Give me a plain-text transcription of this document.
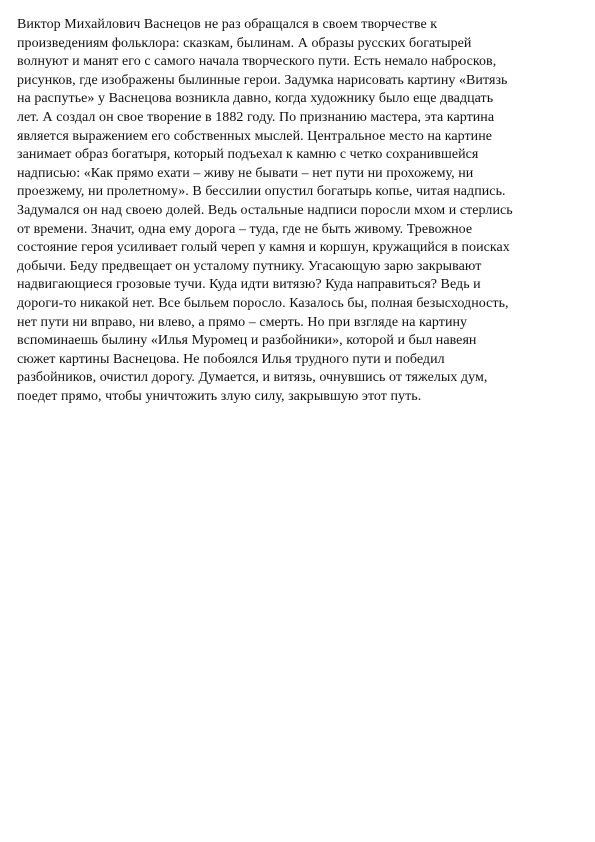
Виктор Михайлович Васнецов не раз обращался в своем творчестве к
произведениям фольклора: сказкам, былинам. А образы русских богатырей
волнуют и манят его с самого начала творческого пути. Есть немало набросков,
рисунков, где изображены былинные герои. Задумка нарисовать картину «Витязь
на распутье» у Васнецова возникла давно, когда художнику было еще двадцать
лет. А создал он свое творение в 1882 году. По признанию мастера, эта картина
является выражением его собственных мыслей. Центральное место на картине
занимает образ богатыря, который подъехал к камню с четко сохранившейся
надписью: «Как прямо ехати – живу не бывати – нет пути ни прохожему, ни
проезжему, ни пролетному». В бессилии опустил богатырь копье, читая надпись.
Задумался он над своею долей. Ведь остальные надписи поросли мхом и стерлись
от времени. Значит, одна ему дорога – туда, где не быть живому. Тревожное
состояние героя усиливает голый череп у камня и коршун, кружащийся в поисках
добычи. Беду предвещает он усталому путнику. Угасающую зарю закрывают
надвигающиеся грозовые тучи. Куда идти витязю? Куда направиться? Ведь и
дороги-то никакой нет. Все быльем поросло. Казалось бы, полная безысходность,
нет пути ни вправо, ни влево, а прямо – смерть. Но при взгляде на картину
вспоминаешь былину «Илья Муромец и разбойники», которой и был навеян
сюжет картины Васнецова. Не побоялся Илья трудного пути и победил
разбойников, очистил дорогу. Думается, и витязь, очнувшись от тяжелых дум,
поедет прямо, чтобы уничтожить злую силу, закрывшую этот путь.
